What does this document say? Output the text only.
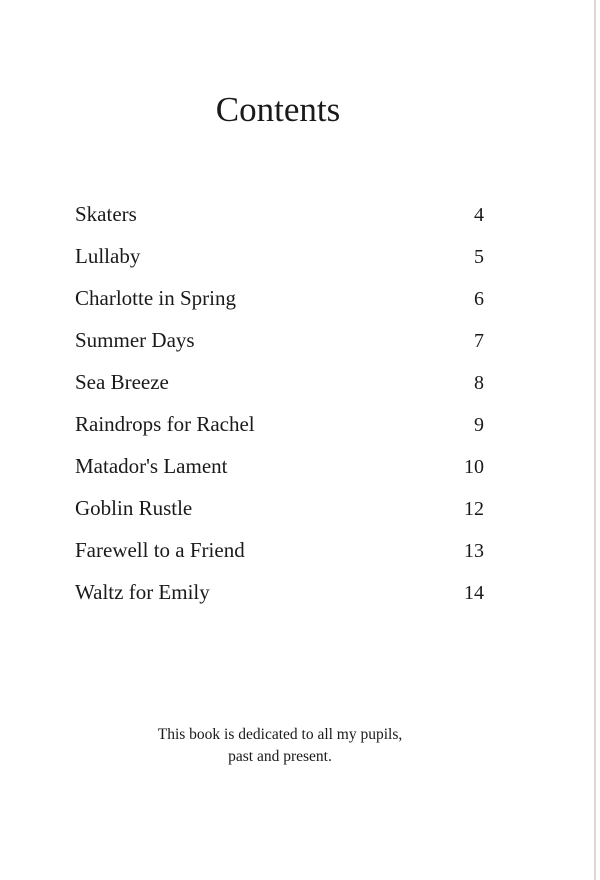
Contents
Skaters	4
Lullaby	5
Charlotte in Spring	6
Summer Days	7
Sea Breeze	8
Raindrops for Rachel	9
Matador's Lament	10
Goblin Rustle	12
Farewell to a Friend	13
Waltz for Emily	14
This book is dedicated to all my pupils,
past and present.
